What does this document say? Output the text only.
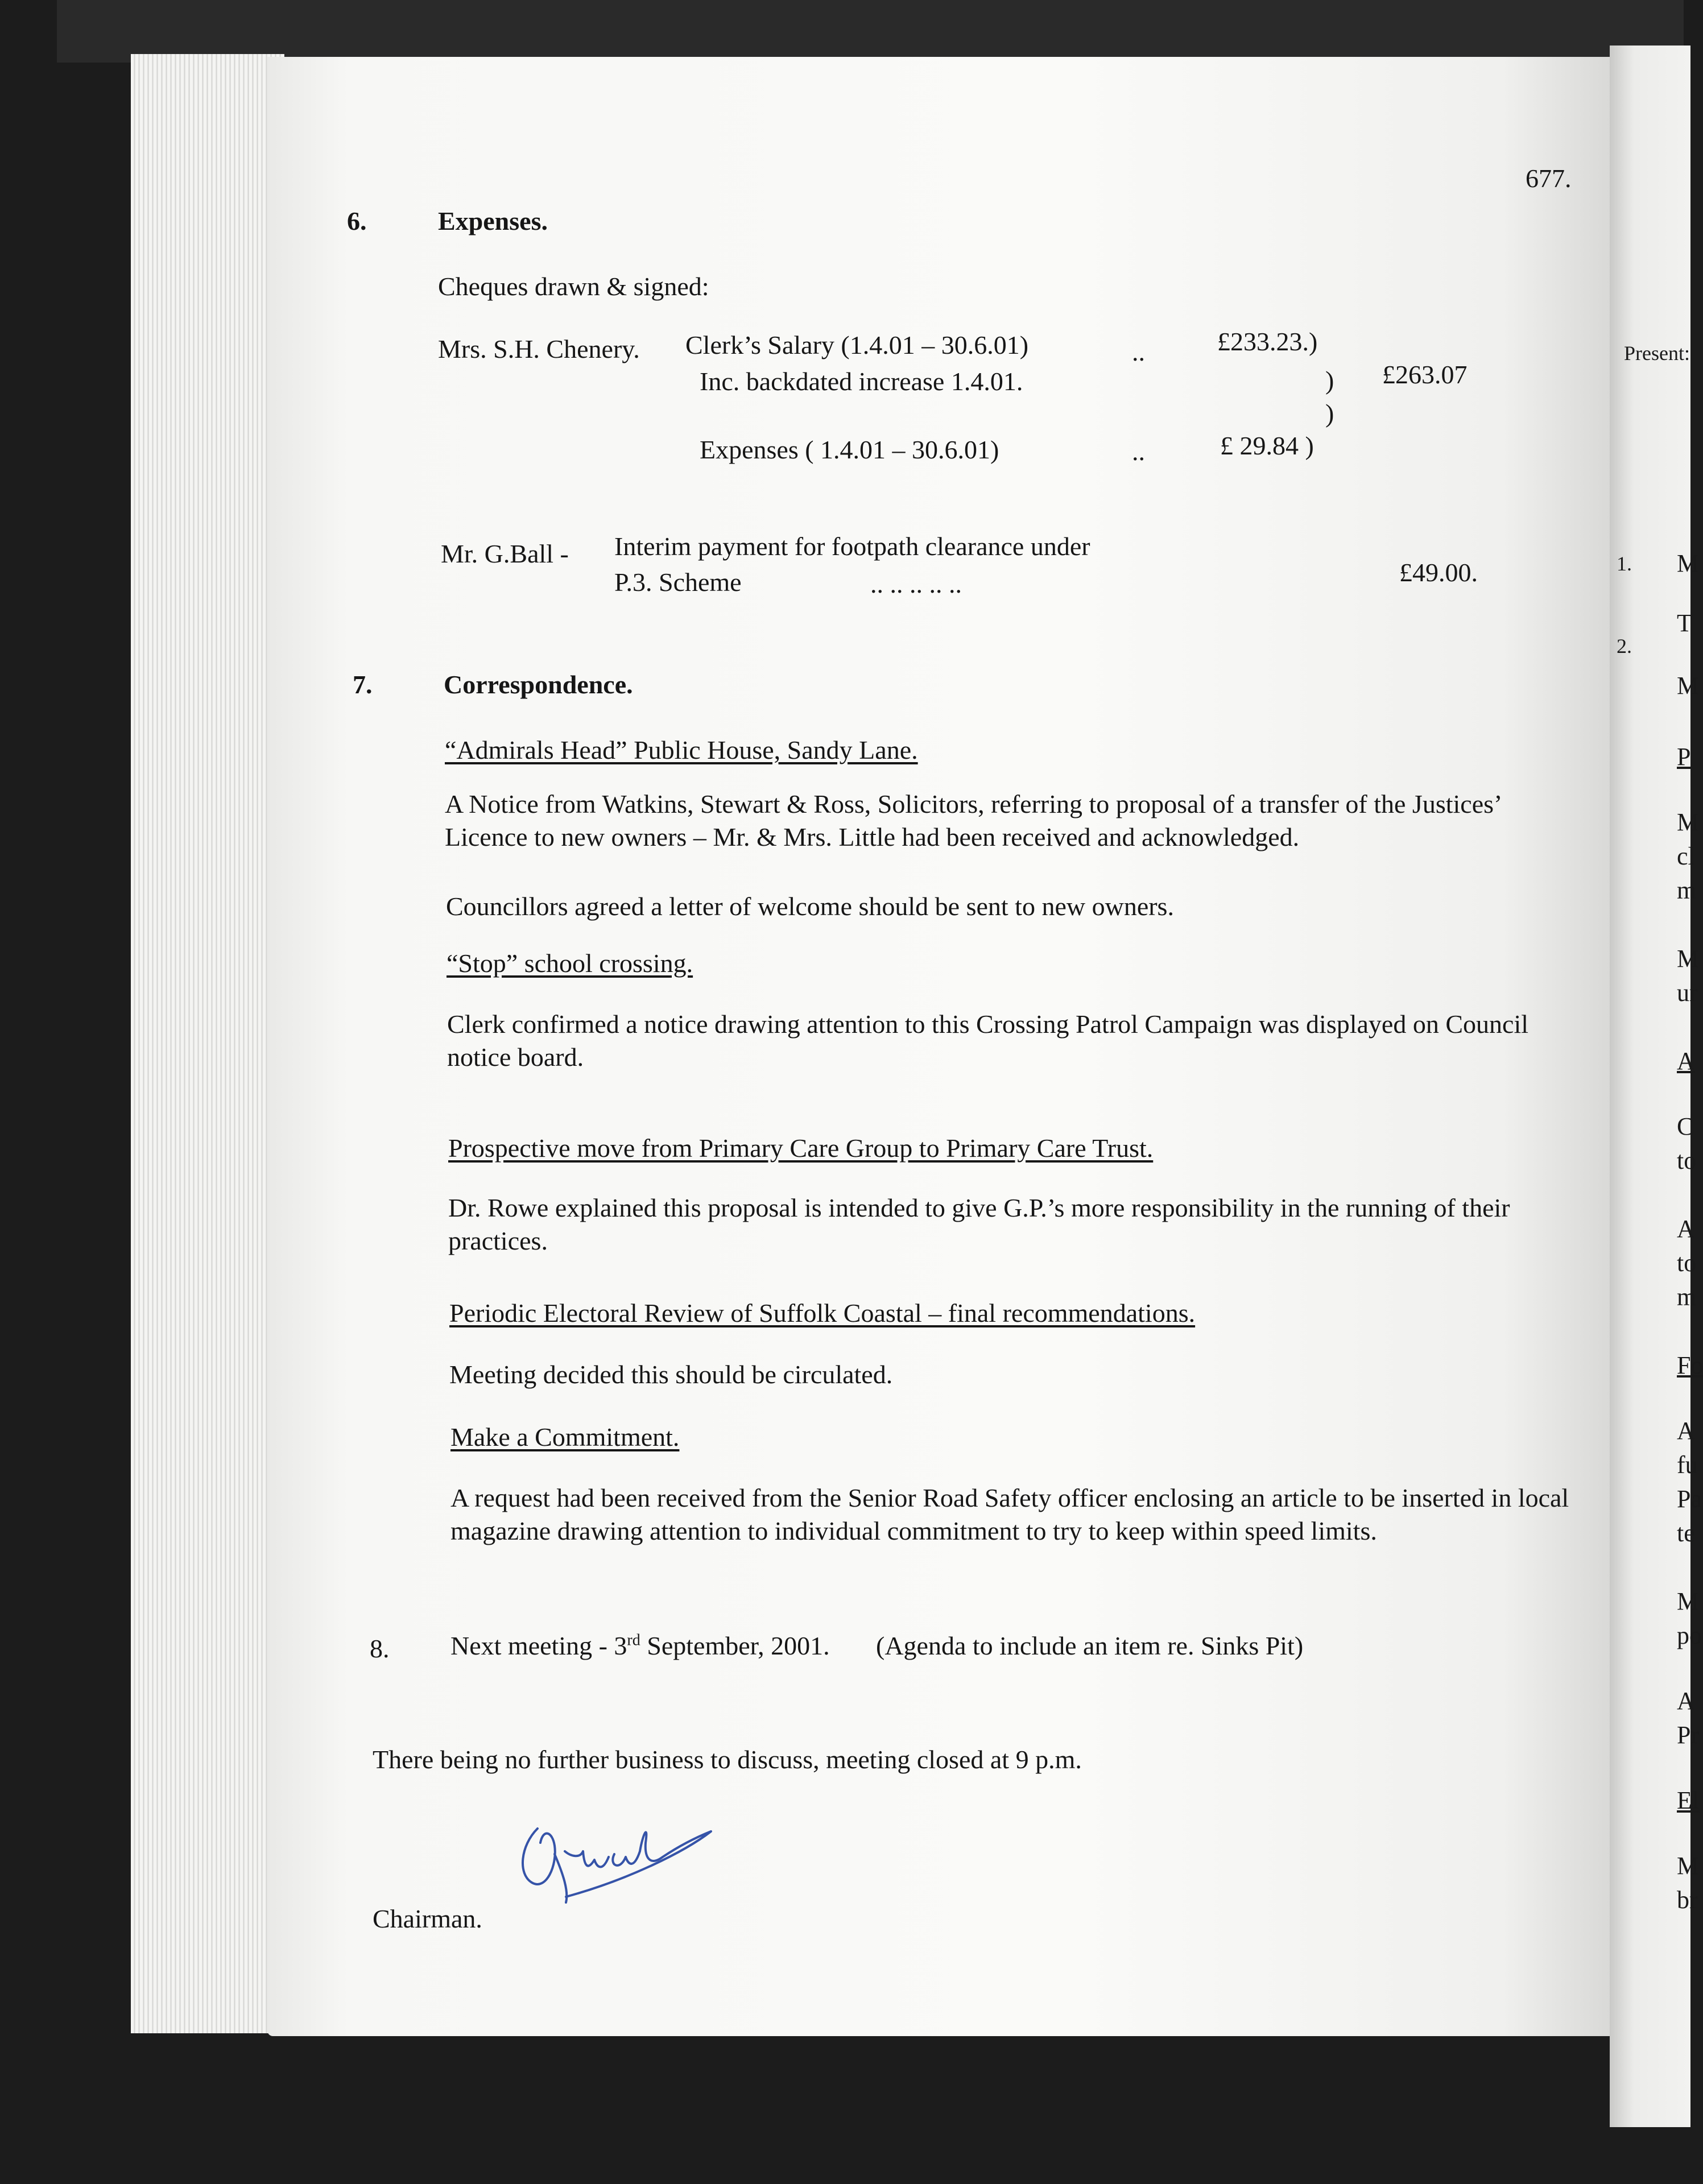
677.
6.	Expenses.
Cheques drawn & signed:
Mrs. S.H. Chenery. Clerk’s Salary (1.4.01 – 30.6.01)	..	£233.23.)
Inc. backdated increase 1.4.01.	) £263.07
)
Expenses ( 1.4.01 – 30.6.01)	..	£ 29.84 )
Mr. G.Ball - Interim payment for footpath clearance under
P.3. Scheme	.. .. .. .. ..	£49.00.
7.	Correspondence.
“Admirals Head” Public House, Sandy Lane.
A Notice from Watkins, Stewart & Ross, Solicitors, referring to proposal of a transfer of the Justices’ Licence to new owners – Mr. & Mrs. Little had been received and acknowledged.
Councillors agreed a letter of welcome should be sent to new owners.
“Stop” school crossing.
Clerk confirmed a notice drawing attention to this Crossing Patrol Campaign was displayed on Council notice board.
Prospective move from Primary Care Group to Primary Care Trust.
Dr. Rowe explained this proposal is intended to give G.P.’s more responsibility in the running of their practices.
Periodic Electoral Review of Suffolk Coastal – final recommendations.
Meeting decided this should be circulated.
Make a Commitment.
A request had been received from the Senior Road Safety officer enclosing an article to be inserted in local magazine drawing attention to individual commitment to try to keep within speed limits.
8. Next meeting - 3rd September, 2001. (Agenda to include an item re. Sinks Pit)
There being no further business to discuss, meeting closed at 9 p.m.
Chairman.
Present:
1.
2.
M
T
M
P
M
cl
m
M
ur
A
C
to
A
to
m
Fo
A
fu
Pa
te
M
po
A
Pr
El
M
br
